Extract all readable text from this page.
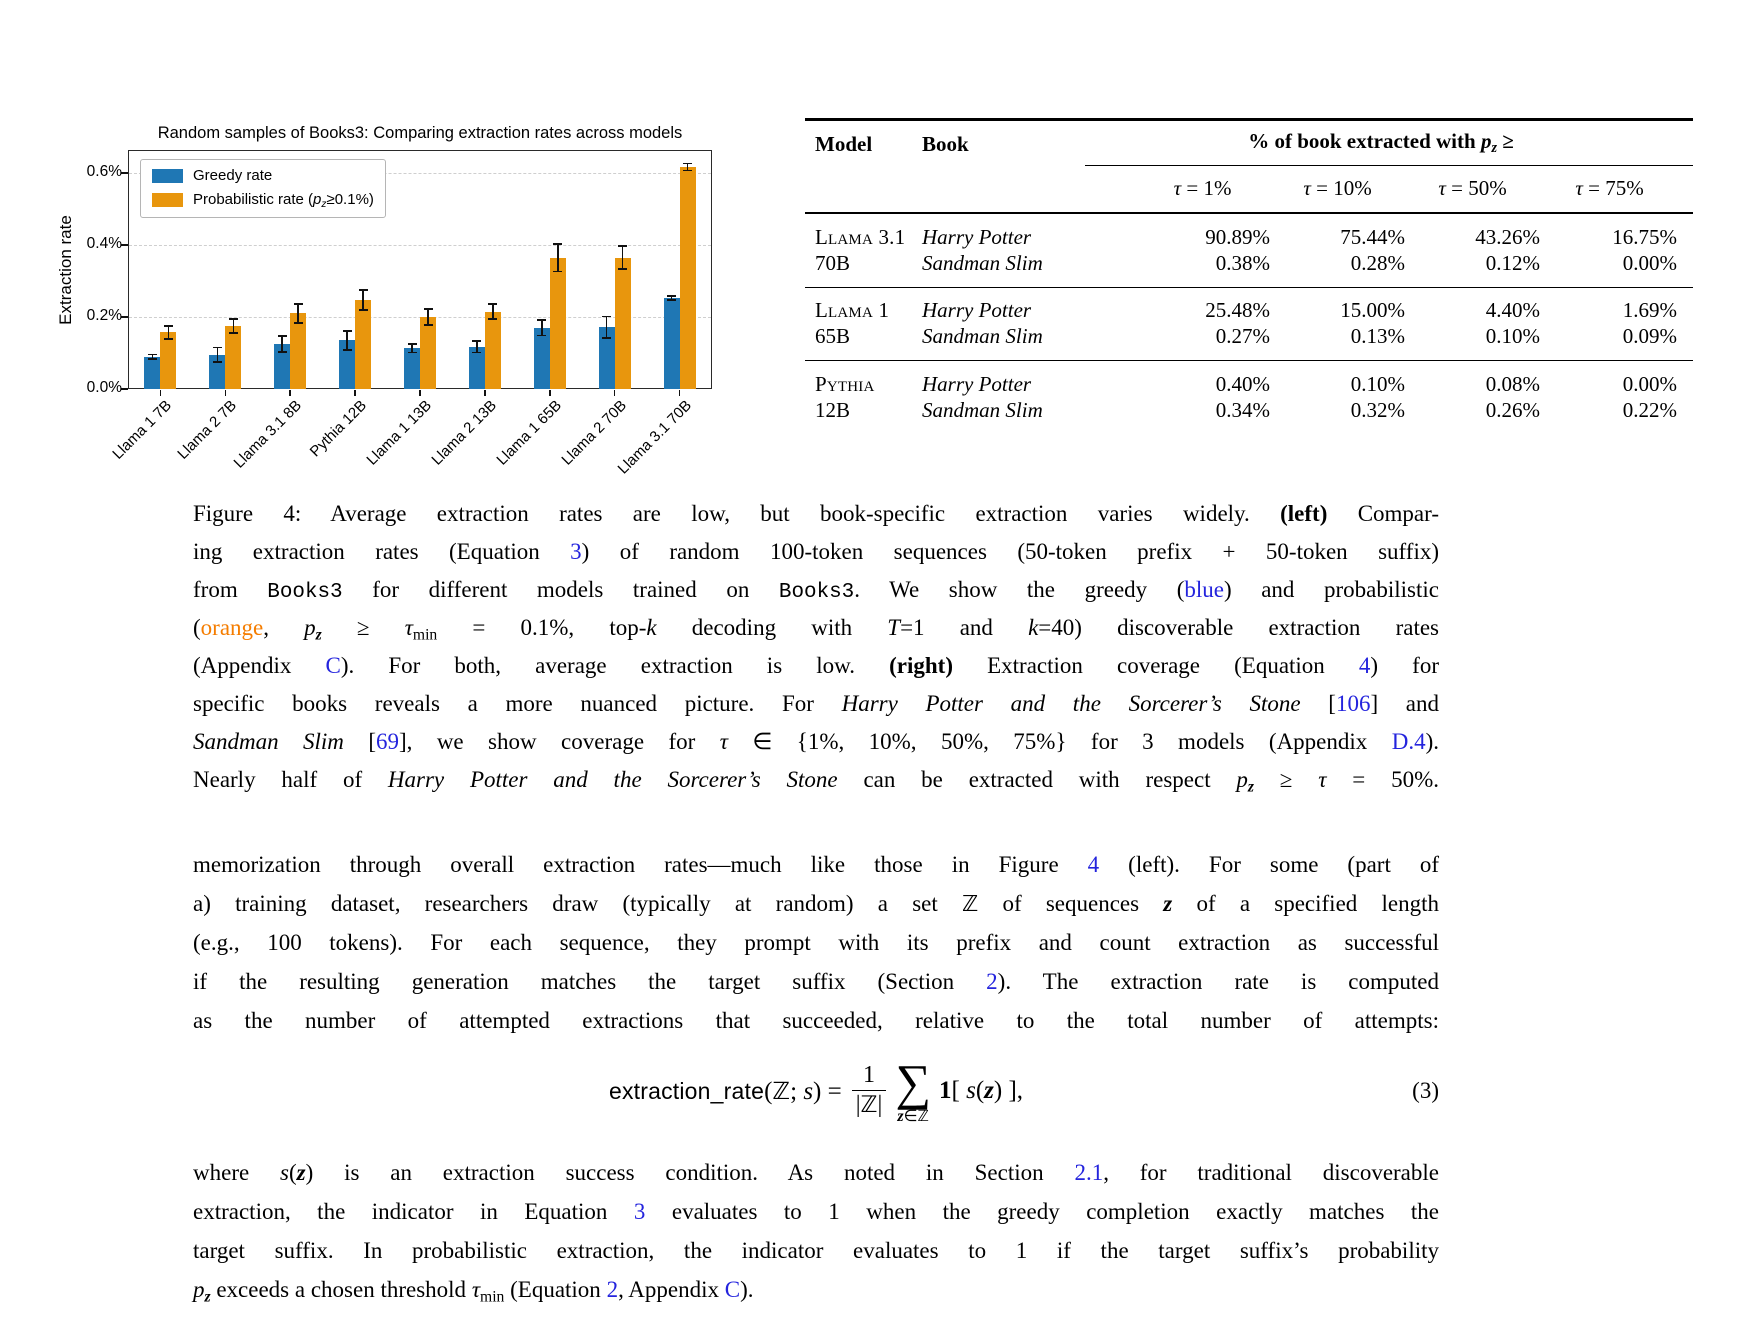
Random samples of Books3: Comparing extraction rates across models
Extraction rate
Greedy rate
Probabilistic rate (pz≥0.1%)
0.0%
0.2%
0.4%
0.6%
Llama 1 7B Llama 2 7B
Llama 3.1 8B Pythia 12B
Llama 1 13B
Llama 2 13B
Llama 1 65B
Llama 2 70B
Llama 3.1 70B
Model Book	% of book extracted with pz ≥
τ = 1%	τ = 10%	τ = 50%	τ = 75%
Llama 3.1
70B
Harry Potter	90.89%	75.44%	43.26%	16.75%
Sandman Slim	0.38%	0.28%	0.12%	0.00%
Llama 1
65B
Harry Potter	25.48%	15.00%	4.40%	1.69%
Sandman Slim	0.27%	0.13%	0.10%	0.09%
Pythia
12B
Harry Potter	0.40%	0.10%	0.08%	0.00%
Sandman Slim	0.34%	0.32%	0.26%	0.22%
Figure 4: Average extraction rates are low, but book-specific extraction varies widely. (left) Compar-
ing extraction rates (Equation 3) of random 100-token sequences (50-token prefix + 50-token suffix)
from Books3 for different models trained on Books3. We show the greedy (blue) and probabilistic
(orange, pz ≥ τmin = 0.1%, top-k decoding with T=1 and k=40) discoverable extraction rates
(Appendix C). For both, average extraction is low. (right) Extraction coverage (Equation 4) for
specific books reveals a more nuanced picture. For Harry Potter and the Sorcerer’s Stone [106] and
Sandman Slim [69], we show coverage for τ ∈ {1%, 10%, 50%, 75%} for 3 models (Appendix D.4).
Nearly half of Harry Potter and the Sorcerer’s Stone can be extracted with respect pz ≥ τ = 50%.
memorization through overall extraction rates—much like those in Figure 4 (left). For some (part of
a) training dataset, researchers draw (typically at random) a set ℤ of sequences z of a specified length
(e.g., 100 tokens). For each sequence, they prompt with its prefix and count extraction as successful
if the resulting generation matches the target suffix (Section 2). The extraction rate is computed
as the number of attempted extractions that succeeded, relative to the total number of attempts:
extraction_rate (ℤ; $s) = \frac{1}{\text{|ℤ|}}$ ∑
z∈ℤ
1[ s(z) ],	(3)
where s(z) is an extraction success condition. As noted in Section 2.1, for traditional discoverable
extraction, the indicator in Equation 3 evaluates to 1 when the greedy completion exactly matches the
target suffix. In probabilistic extraction, the indicator evaluates to 1 if the target suffix’s probability
pz exceeds a chosen threshold τmin (Equation 2, Appendix C).
